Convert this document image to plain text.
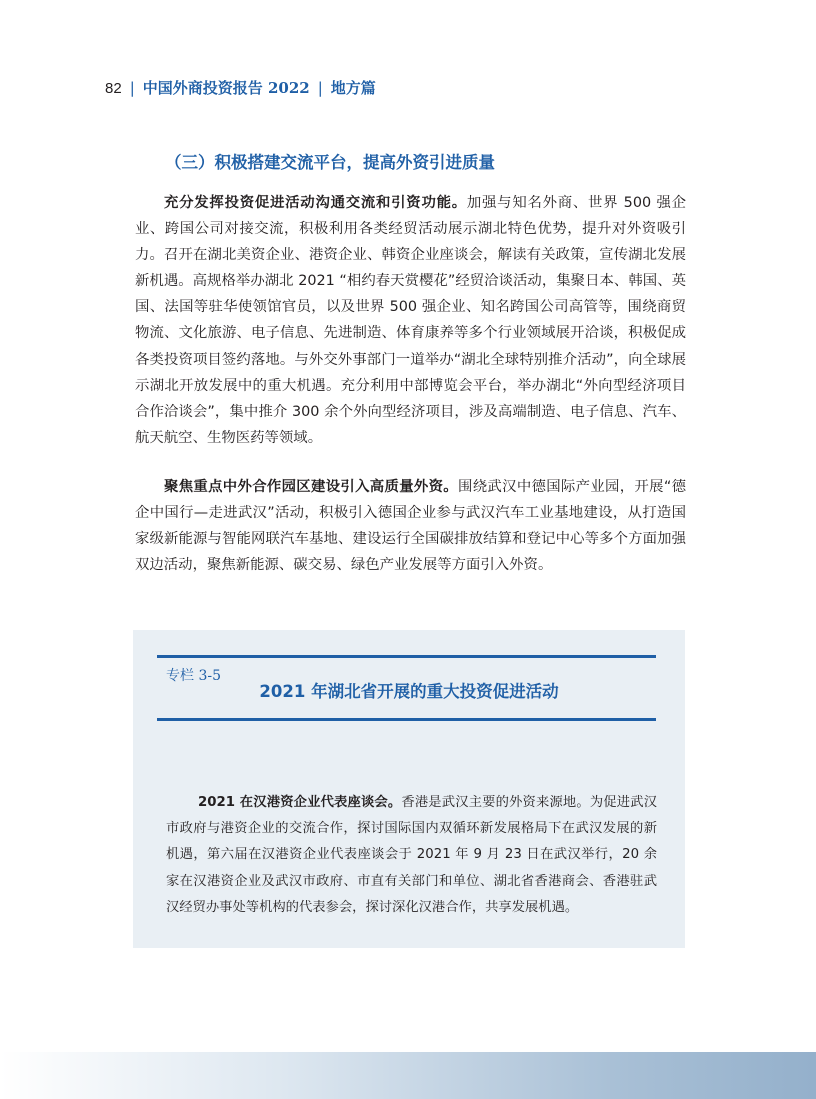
82 | 中国外商投资报告 2022 | 地方篇
（三）积极搭建交流平台，提高外资引进质量

充分发挥投资促进活动沟通交流和引资功能。加强与知名外商、世界 500 强企业、跨国公司对接交流，积极利用各类经贸活动展示湖北特色优势，提升对外资吸引力。召开在湖北美资企业、港资企业、韩资企业座谈会，解读有关政策，宣传湖北发展新机遇。高规格举办湖北 2021 “相约春天赏樱花”经贸洽谈活动，集聚日本、韩国、英国、法国等驻华使领馆官员，以及世界 500 强企业、知名跨国公司高管等，围绕商贸物流、文化旅游、电子信息、先进制造、体育康养等多个行业领域展开洽谈，积极促成各类投资项目签约落地。与外交外事部门一道举办“湖北全球特别推介活动”，向全球展示湖北开放发展中的重大机遇。充分利用中部博览会平台，举办湖北“外向型经济项目合作洽谈会”，集中推介 300 余个外向型经济项目，涉及高端制造、电子信息、汽车、航天航空、生物医药等领域。

聚焦重点中外合作园区建设引入高质量外资。围绕武汉中德国际产业园，开展“德企中国行—走进武汉”活动，积极引入德国企业参与武汉汽车工业基地建设，从打造国家级新能源与智能网联汽车基地、建设运行全国碳排放结算和登记中心等多个方面加强双边活动，聚焦新能源、碳交易、绿色产业发展等方面引入外资。

专栏 3-5
2021 年湖北省开展的重大投资促进活动

2021 在汉港资企业代表座谈会。香港是武汉主要的外资来源地。为促进武汉市政府与港资企业的交流合作，探讨国际国内双循环新发展格局下在武汉发展的新机遇，第六届在汉港资企业代表座谈会于 2021 年 9 月 23 日在武汉举行，20 余家在汉港资企业及武汉市政府、市直有关部门和单位、湖北省香港商会、香港驻武汉经贸办事处等机构的代表参会，探讨深化汉港合作，共享发展机遇。
